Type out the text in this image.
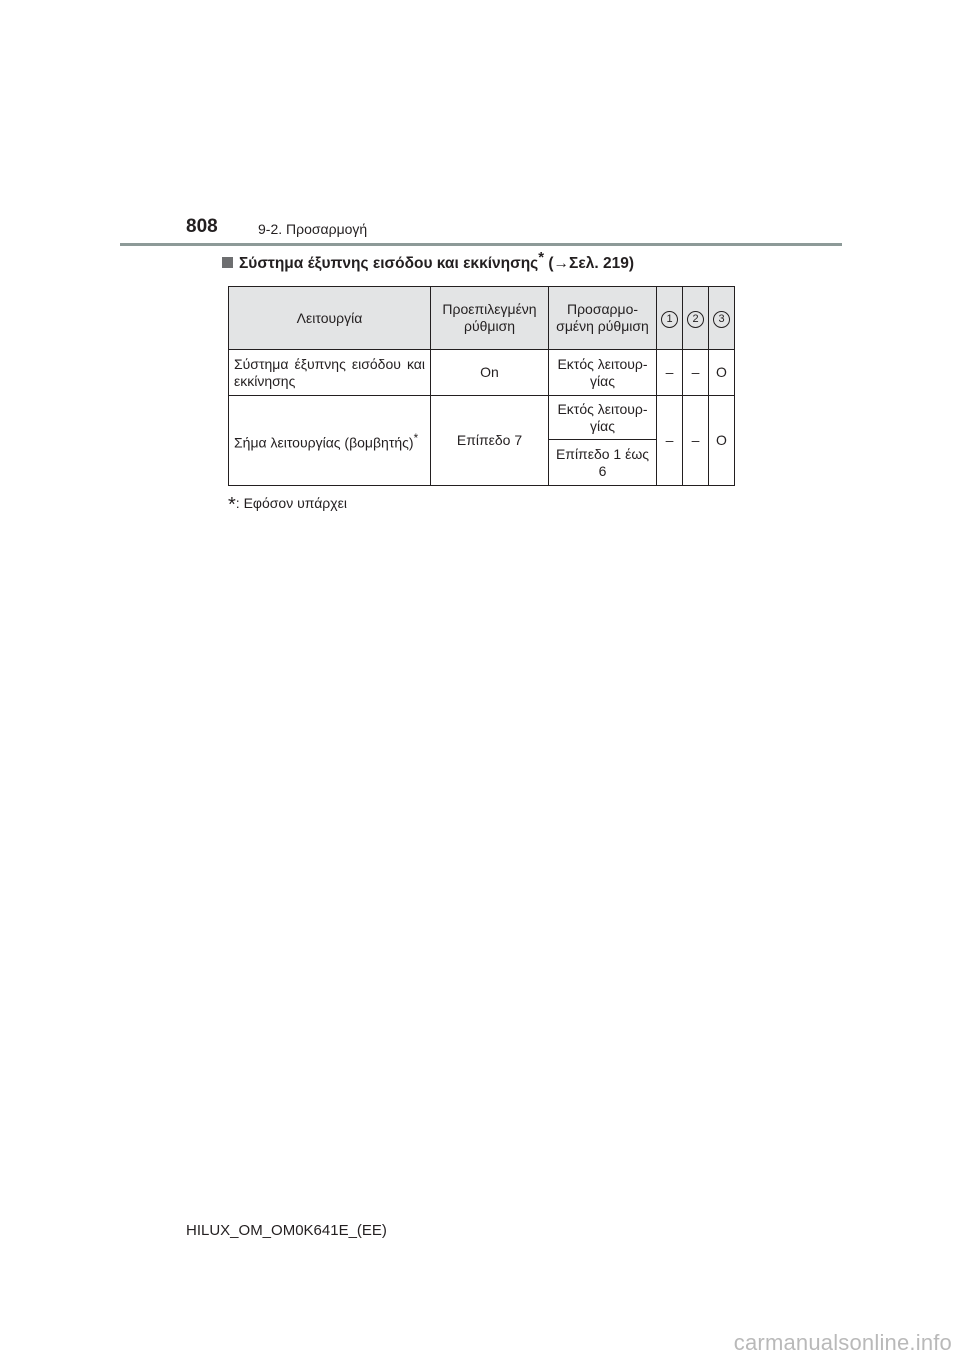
808	9-2. Προσαρμογή
Σύστημα έξυπνης εισόδου και εκκίνησης* (→Σελ. 219)
Λειτουργία	Προεπιλεγμένη ρύθμιση	Προσαρμο-σμένη ρύθμιση	1	2	3
Σύστημα έξυπνης εισόδου και εκκίνησης	On	Εκτός λειτουρ-γίας	–	–	O
Σήμα λειτουργίας (βομβητής)*	Επίπεδο 7	Εκτός λειτουρ-γίας	–	–	O
		Επίπεδο 1 έως 6			
*: Εφόσον υπάρχει
HILUX_OM_OM0K641E_(EE)
carmanualsonline.info
